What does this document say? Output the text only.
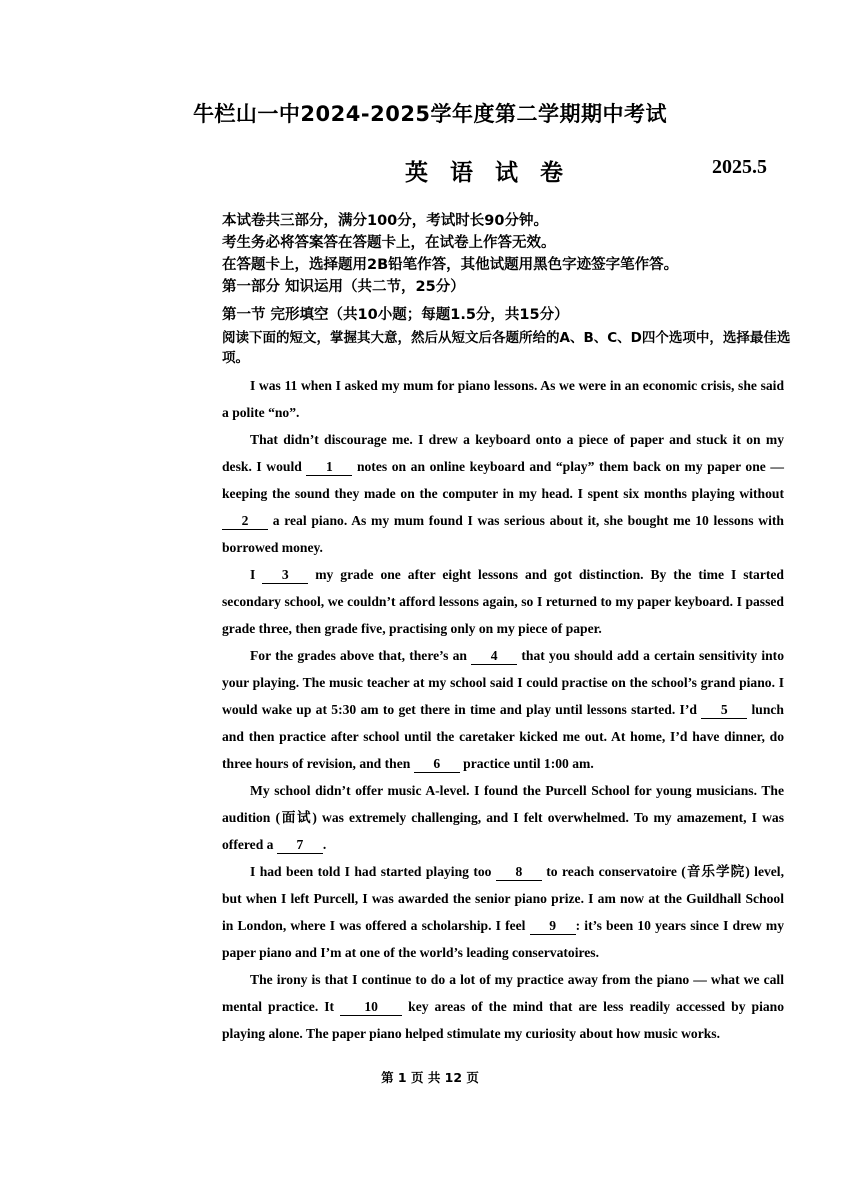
牛栏山一中2024-2025学年度第二学期期中考试
英语试卷	2025.5
本试卷共三部分，满分100分，考试时长90分钟。
考生务必将答案答在答题卡上，在试卷上作答无效。
在答题卡上，选择题用2B铅笔作答，其他试题用黑色字迹签字笔作答。
第一部分 知识运用（共二节，25分）
第一节 完形填空（共10小题；每题1.5分，共15分）
阅读下面的短文，掌握其大意，然后从短文后各题所给的A、B、C、D四个选项中，选择最佳选项。

I was 11 when I asked my mum for piano lessons. As we were in an economic crisis, she said a polite “no”.

That didn’t discourage me. I drew a keyboard onto a piece of paper and stuck it on my desk. I would 1 notes on an online keyboard and “play” them back on my paper one —keeping the sound they made on the computer in my head. I spent six months playing without 2 a real piano. As my mum found I was serious about it, she bought me 10 lessons with borrowed money.

I 3 my grade one after eight lessons and got distinction. By the time I started secondary school, we couldn’t afford lessons again, so I returned to my paper keyboard. I passed grade three, then grade five, practising only on my piece of paper.

For the grades above that, there’s an 4 that you should add a certain sensitivity into your playing. The music teacher at my school said I could practise on the school’s grand piano. I would wake up at 5:30 am to get there in time and play until lessons started. I’d 5 lunch and then practice after school until the caretaker kicked me out. At home, I’d have dinner, do three hours of revision, and then 6 practice until 1:00 am.

My school didn’t offer music A-level. I found the Purcell School for young musicians. The audition (面试) was extremely challenging, and I felt overwhelmed. To my amazement, I was offered a 7 .

I had been told I had started playing too 8 to reach conservatoire (音乐学院) level, but when I left Purcell, I was awarded the senior piano prize. I am now at the Guildhall School in London, where I was offered a scholarship. I feel 9 : it’s been 10 years since I drew my paper piano and I’m at one of the world’s leading conservatoires.

The irony is that I continue to do a lot of my practice away from the piano — what we call mental practice. It 10 key areas of the mind that are less readily accessed by piano playing alone. The paper piano helped stimulate my curiosity about how music works.

第 1 页 共 12 页
